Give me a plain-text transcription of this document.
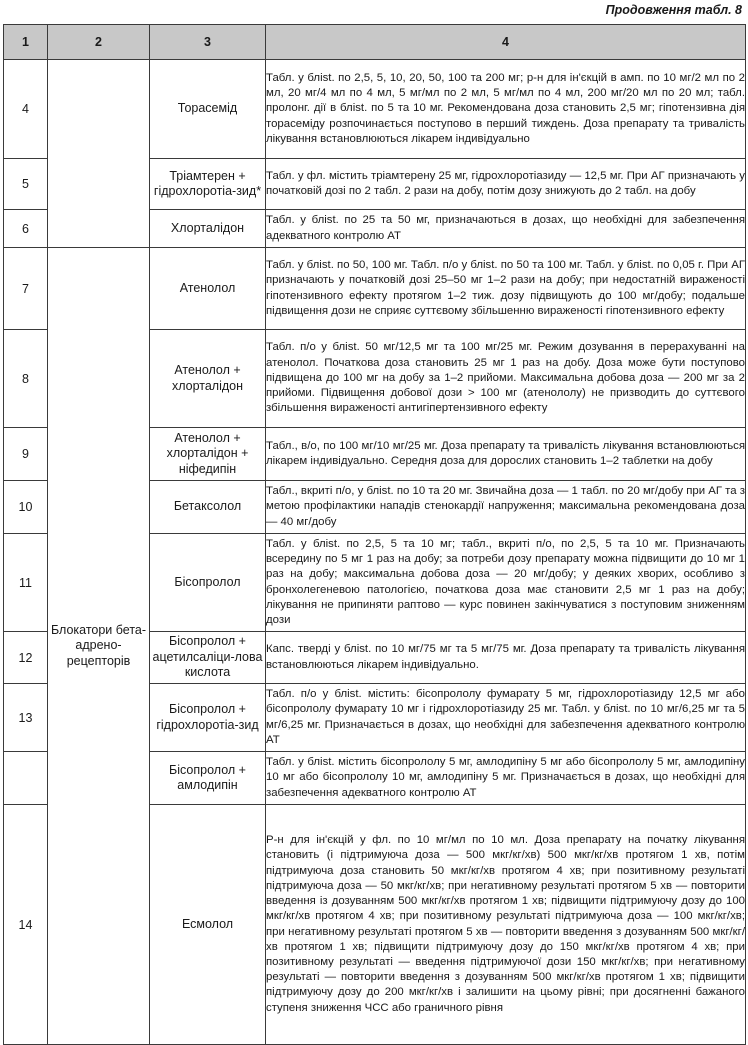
Продовження табл. 8
1	2	3	4
4		Торасемід	Табл. у блist. по 2,5, 5, 10, 20, 50, 100 та 200 мг; р-н для ін'єкцій в амп. по 10 мг/2 мл по 2 мл, 20 мг/4 мл по 4 мл, 5 мг/мл по 2 мл, 5 мг/мл по 4 мл, 200 мг/20 мл по 20 мл; табл. пролонг. дії в блist. по 5 та 10 мг. Рекомендована доза становить 2,5 мг; гіпотензивна дія торасеміду розпочинається поступово в перший тиждень. Доза препарату та тривалість лікування встановлюються лікарем індивідуально
5		Тріамтерен + гідрохлоротіа-зид*	Табл. у фл. містить тріамтерену 25 мг, гідрохлоротіазиду — 12,5 мг. При АГ призначають у початковій дозі по 2 табл. 2 рази на добу, потім дозу знижують до 2 табл. на добу
6		Хлорталідон	Табл. у блist. по 25 та 50 мг, призначаються в дозах, що необхідні для забезпечення адекватного контролю АТ
7	Блокатори бета-адрено-рецепторів	Атенолол	Табл. у блist. по 50, 100 мг. Табл. п/о у блist. по 50 та 100 мг. Табл. у блist. по 0,05 г. При АГ призначають у початковій дозі 25–50 мг 1–2 рази на добу; при недостатній вираженості гіпотензивного ефекту протягом 1–2 тиж. дозу підвищують до 100 мг/добу; подальше підвищення дози не сприяє суттєвому збільшенню вираженості гіпотензивного ефекту
8		Атенолол + хлорталідон	Табл. п/о у блist. 50 мг/12,5 мг та 100 мг/25 мг. Режим дозування в перерахуванні на атенолол. Початкова доза становить 25 мг 1 раз на добу. Доза може бути поступово підвищена до 100 мг на добу за 1–2 прийоми. Максимальна добова доза — 200 мг за 2 прийоми. Підвищення добової дози > 100 мг (атенололу) не призводить до суттєвого збільшення вираженості антигіпертензивного ефекту
9		Атенолол + хлорталідон + ніфедипін	Табл., в/о, по 100 мг/10 мг/25 мг. Доза препарату та тривалість лікування встановлюються лікарем індивідуально. Середня доза для дорослих становить 1–2 таблетки на добу
10		Бетаксолол	Табл., вкриті п/о, у блist. по 10 та 20 мг. Звичайна доза — 1 табл. по 20 мг/добу при АГ та з метою профілактики нападів стенокардії напруження; максимальна рекомендована доза — 40 мг/добу
11		Бісопролол	Табл. у блist. по 2,5, 5 та 10 мг; табл., вкриті п/о, по 2,5, 5 та 10 мг. Призначають всередину по 5 мг 1 раз на добу; за потреби дозу препарату можна підвищити до 10 мг 1 раз на добу; максимальна добова доза — 20 мг/добу; у деяких хворих, особливо з бронхолегеневою патологією, початкова доза має становити 2,5 мг 1 раз на добу; лікування не припиняти раптово — курс повинен закінчуватися з поступовим зниженням дози
12		Бісопролол + ацетилсаліци-лова кислота	Капс. тверді у блist. по 10 мг/75 мг та 5 мг/75 мг. Доза препарату та тривалість лікування встановлюються лікарем індивідуально.
13		Бісопролол + гідрохлоротіа-зид	Табл. п/о у блist. містить: бісопрололу фумарату 5 мг, гідрохлоротіазиду 12,5 мг або бісопрололу фумарату 10 мг і гідрохлоротіазиду 25 мг. Табл. у блist. по 10 мг/6,25 мг та 5 мг/6,25 мг. Призначається в дозах, що необхідні для забезпечення адекватного контролю АТ
		Бісопролол + амлодипін	Табл. у блist. містить бісопрололу 5 мг, амлодипіну 5 мг або бісопрололу 5 мг, амлодипіну 10 мг або бісопрололу 10 мг, амлодипіну 5 мг. Призначається в дозах, що необхідні для забезпечення адекватного контролю АТ
14		Есмолол	Р-н для ін'єкцій у фл. по 10 мг/мл по 10 мл. Доза препарату на початку лікування становить (і підтримуюча доза — 500 мкг/кг/хв) 500 мкг/кг/хв протягом 1 хв, потім підтримуюча доза становить 50 мкг/кг/хв протягом 4 хв; при позитивному результаті підтримуюча доза — 50 мкг/кг/хв; при негативному результаті протягом 5 хв — повторити введення із дозуванням 500 мкг/кг/хв протягом 1 хв; підвищити підтримуючу дозу до 100 мкг/кг/хв протягом 4 хв; при позитивному результаті підтримуюча доза — 100 мкг/кг/хв; при негативному результаті протягом 5 хв — повторити введення з дозуванням 500 мкг/кг/хв протягом 1 хв; підвищити підтримуючу дозу до 150 мкг/кг/хв протягом 4 хв; при позитивному результаті — введення підтримуючої дози 150 мкг/кг/хв; при негативному результаті — повторити введення з дозуванням 500 мкг/кг/хв протягом 1 хв; підвищити підтримуючу дозу до 200 мкг/кг/хв і залишити на цьому рівні; при досягненні бажаного ступеня зниження ЧСС або граничного рівня
